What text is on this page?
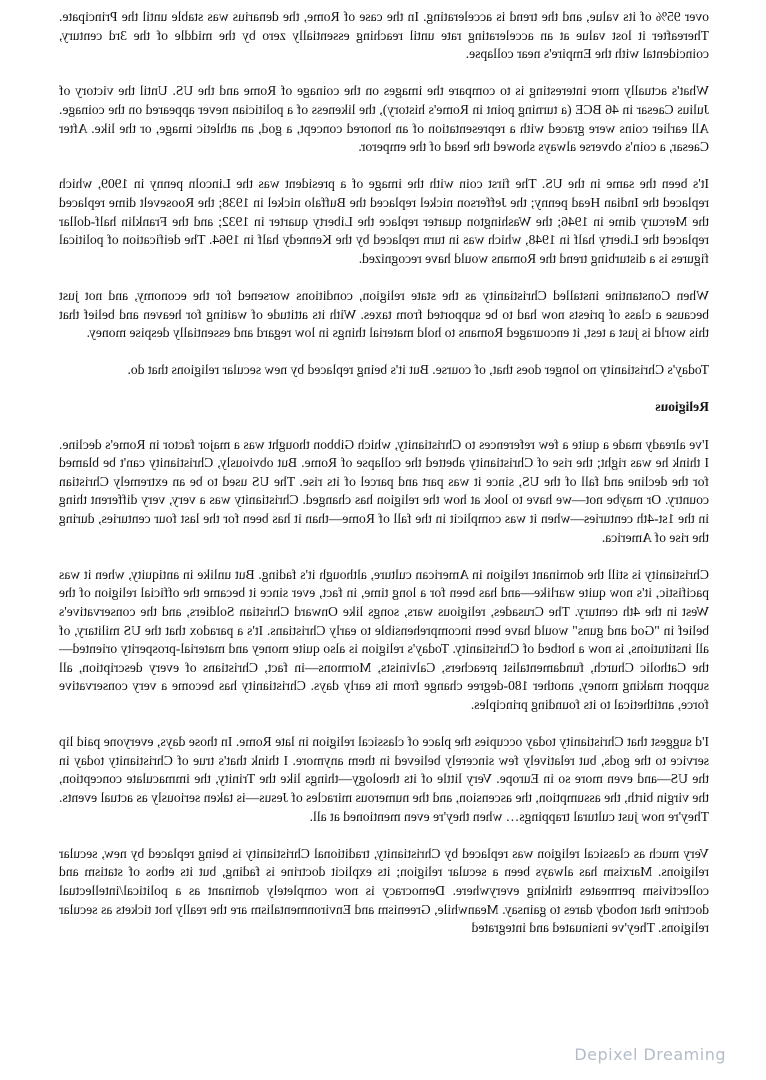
over 95% of its value, and the trend is accelerating. In the case of Rome, the denarius was stable until the Principate. Thereafter it lost value at an accelerating rate until reaching essentially zero by the middle of the 3rd century, coincidental with the Empire's near collapse.

What's actually more interesting is to compare the images on the coinage of Rome and the US. Until the victory of Julius Caesar in 46 BCE (a turning point in Rome's history), the likeness of a politician never appeared on the coinage. All earlier coins were graced with a representation of an honored concept, a god, an athletic image, or the like. After Caesar, a coin's obverse always showed the head of the emperor.

It's been the same in the US. The first coin with the image of a president was the Lincoln penny in 1909, which replaced the Indian Head penny; the Jefferson nickel replaced the Buffalo nickel in 1938; the Roosevelt dime replaced the Mercury dime in 1946; the Washington quarter replace the Liberty quarter in 1932; and the Franklin half-dollar replaced the Liberty half in 1948, which was in turn replaced by the Kennedy half in 1964. The deification of political figures is a disturbing trend the Romans would have recognized.

When Constantine installed Christianity as the state religion, conditions worsened for the economy, and not just because a class of priests now had to be supported from taxes. With its attitude of waiting for heaven and belief that this world is just a test, it encouraged Romans to hold material things in low regard and essentially despise money.

Today's Christianity no longer does that, of course. But it's being replaced by new secular religions that do.

Religious

I've already made a quite a few references to Christianity, which Gibbon thought was a major factor in Rome's decline. I think he was right; the rise of Christianity abetted the collapse of Rome. But obviously, Christianity can't be blamed for the decline and fall of the US, since it was part and parcel of its rise. The US used to be an extremely Christian country. Or maybe not—we have to look at how the religion has changed. Christianity was a very, very different thing in the 1st-4th centuries—when it was complicit in the fall of Rome—than it has been for the last four centuries, during the rise of America.

Christianity is still the dominant religion in American culture, although it's fading. But unlike in antiquity, when it was pacifistic, it's now quite warlike—and has been for a long time, in fact, ever since it became the official religion of the West in the 4th century. The Crusades, religious wars, songs like Onward Christian Soldiers, and the conservative's belief in "God and guns" would have been incomprehensible to early Christians. It's a paradox that the US military, of all institutions, is now a hotbed of Christianity. Today's religion is also quite money and material-prosperity oriented—the Catholic Church, fundamentalist preachers, Calvinists, Mormons—in fact, Christians of every description, all support making money, another 180-degree change from its early days. Christianity has become a very conservative force, antithetical to its founding principles.

I'd suggest that Christianity today occupies the place of classical religion in late Rome. In those days, everyone paid lip service to the gods, but relatively few sincerely believed in them anymore. I think that's true of Christianity today in the US—and even more so in Europe. Very little of its theology—things like the Trinity, the immaculate conception, the virgin birth, the assumption, the ascension, and the numerous miracles of Jesus—is taken seriously as actual events. They're now just cultural trappings… when they're even mentioned at all.

Very much as classical religion was replaced by Christianity, traditional Christianity is being replaced by new, secular religions. Marxism has always been a secular religion; its explicit doctrine is fading, but its ethos of statism and collectivism permeates thinking everywhere. Democracy is now completely dominant as a political/intellectual doctrine that nobody dares to gainsay. Meanwhile, Greenism and Environmentalism are the really hot tickets as secular religions. They've insinuated and integrated

Depixel Dreaming
